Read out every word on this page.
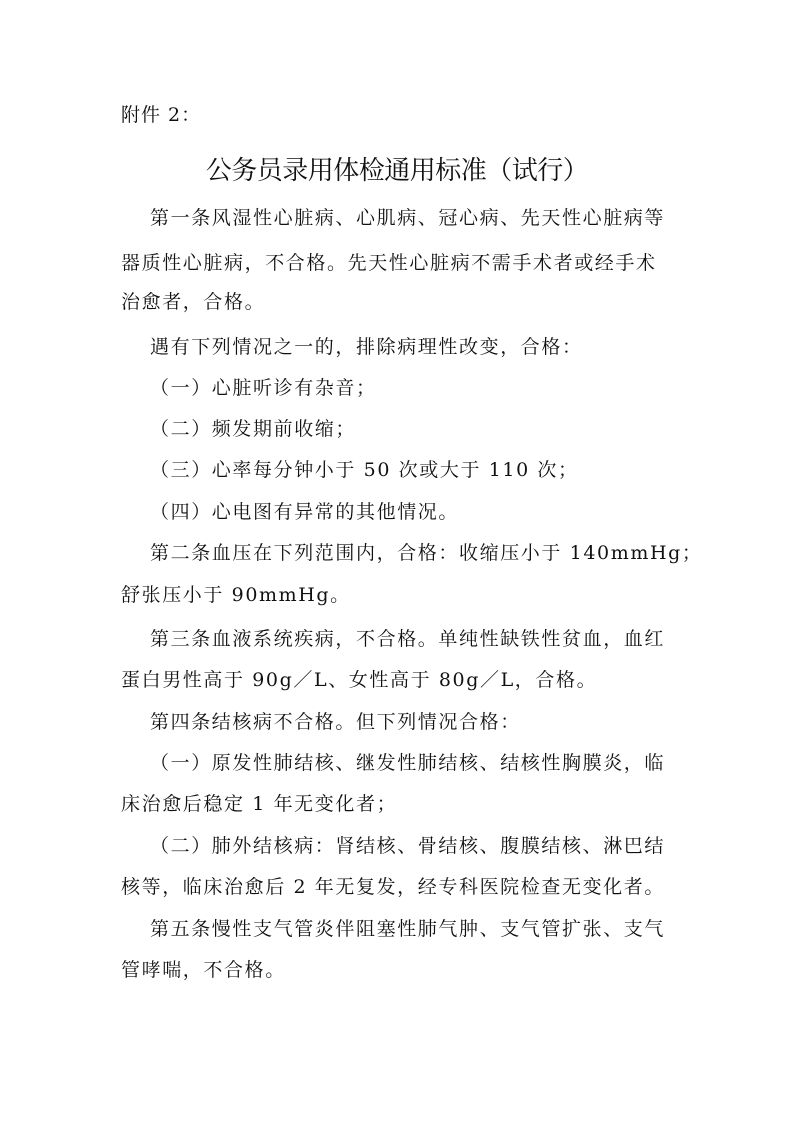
附件 2：
公务员录用体检通用标准（试行）
第一条风湿性心脏病、心肌病、冠心病、先天性心脏病等
器质性心脏病，不合格。先天性心脏病不需手术者或经手术
治愈者，合格。
遇有下列情况之一的，排除病理性改变，合格：
（一）心脏听诊有杂音；
（二）频发期前收缩；
（三）心率每分钟小于 50 次或大于 110 次；
（四）心电图有异常的其他情况。
第二条血压在下列范围内，合格：收缩压小于 140mmHg；
舒张压小于 90mmHg。
第三条血液系统疾病，不合格。单纯性缺铁性贫血，血红
蛋白男性高于 90g／L、女性高于 80g／L，合格。
第四条结核病不合格。但下列情况合格：
（一）原发性肺结核、继发性肺结核、结核性胸膜炎，临
床治愈后稳定 1 年无变化者；
（二）肺外结核病：肾结核、骨结核、腹膜结核、淋巴结
核等，临床治愈后 2 年无复发，经专科医院检查无变化者。
第五条慢性支气管炎伴阻塞性肺气肿、支气管扩张、支气
管哮喘，不合格。
